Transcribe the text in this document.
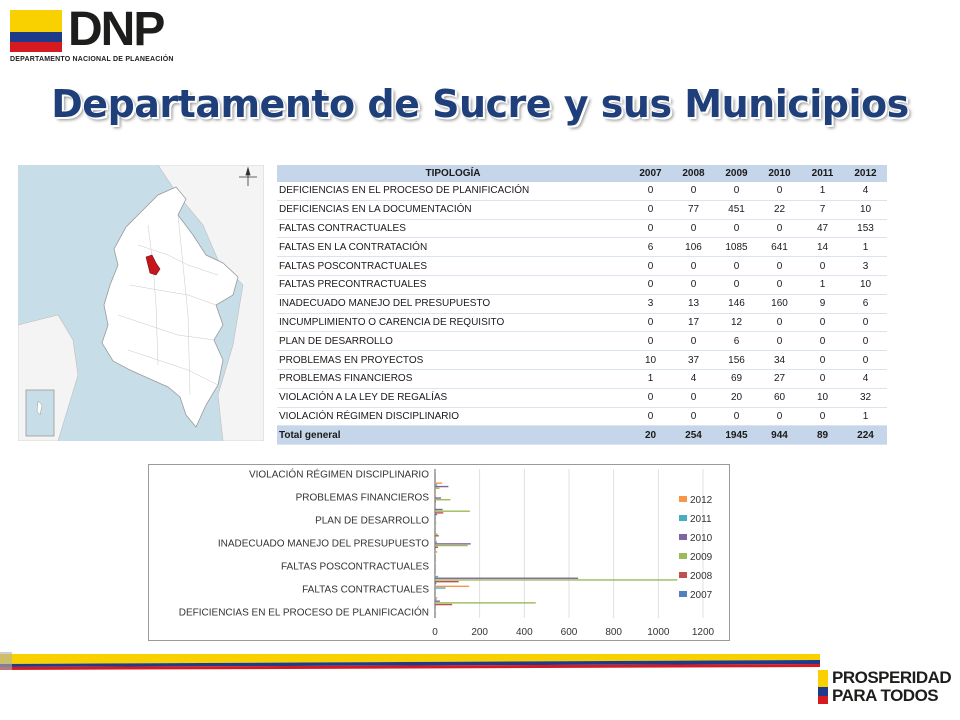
DNP
DEPARTAMENTO NACIONAL DE PLANEACIÓN
Departamento de Sucre y sus Municipios
TIPOLOGÍA	2007	2008	2009	2010	2011	2012
DEFICIENCIAS EN EL PROCESO DE PLANIFICACIÓN	0	0	0	0	1	4
DEFICIENCIAS EN LA DOCUMENTACIÓN	0	77	451	22	7	10
FALTAS CONTRACTUALES	0	0	0	0	47	153
FALTAS EN LA CONTRATACIÓN	6	106	1085	641	14	1
FALTAS POSCONTRACTUALES	0	0	0	0	0	3
FALTAS PRECONTRACTUALES	0	0	0	0	1	10
INADECUADO MANEJO DEL PRESUPUESTO	3	13	146	160	9	6
INCUMPLIMIENTO O CARENCIA DE REQUISITO	0	17	12	0	0	0
PLAN DE DESARROLLO	0	0	6	0	0	0
PROBLEMAS EN PROYECTOS	10	37	156	34	0	0
PROBLEMAS FINANCIEROS	1	4	69	27	0	4
VIOLACIÓN A LA LEY DE REGALÍAS	0	0	20	60	10	32
VIOLACIÓN RÉGIMEN DISCIPLINARIO	0	0	0	0	0	1
Total general	20	254	1945	944	89	224
0	200	400	600	800	1000 1200
DEFICIENCIAS EN EL PROCESO DE PLANIFICACIÓN
FALTAS CONTRACTUALES
FALTAS POSCONTRACTUALES
INADECUADO MANEJO DEL PRESUPUESTO
PLAN DE DESARROLLO
PROBLEMAS FINANCIEROS
VIOLACIÓN RÉGIMEN DISCIPLINARIO
2012
2011
2010
2009
2008
2007
PROSPERIDAD
PARA TODOS
